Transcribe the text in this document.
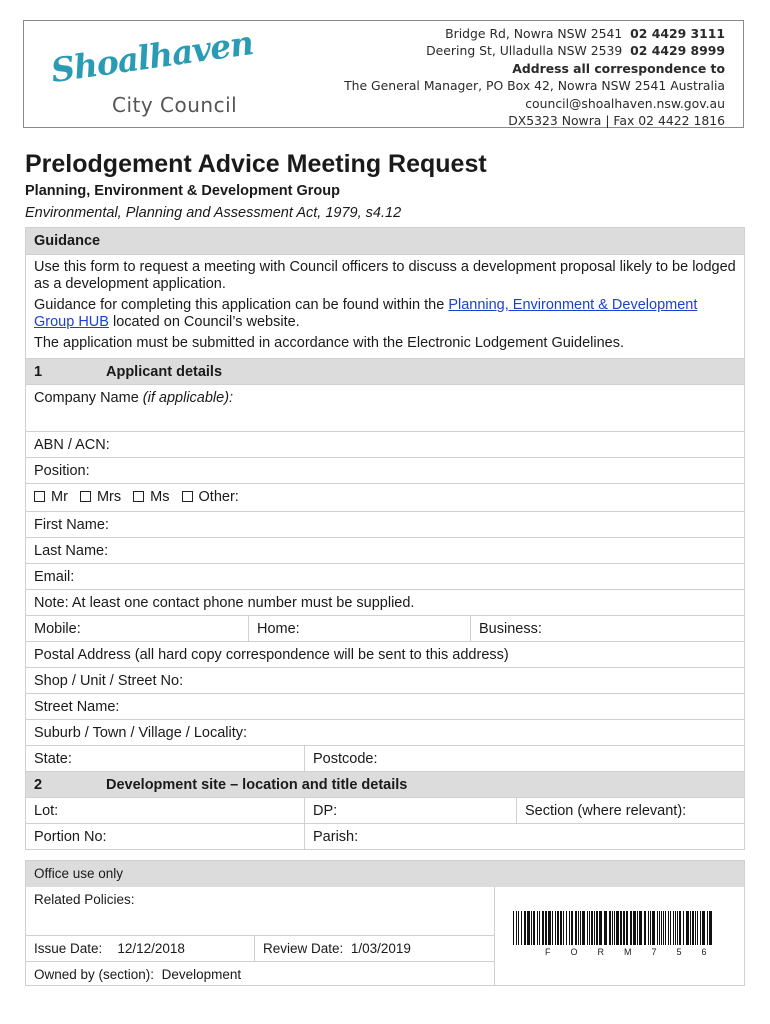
Shoalhaven
City Council
Bridge Rd, Nowra NSW 2541 02 4429 3111
Deering St, Ulladulla NSW 2539 02 4429 8999
Address all correspondence to
The General Manager, PO Box 42, Nowra NSW 2541 Australia
council@shoalhaven.nsw.gov.au
DX5323 Nowra | Fax 02 4422 1816
Prelodgement Advice Meeting Request
Planning, Environment & Development Group
Environmental, Planning and Assessment Act, 1979, s4.12
Guidance

Use this form to request a meeting with Council officers to discuss a development proposal likely to be lodged as a development application.

Guidance for completing this application can be found within the Planning, Environment & Development Group HUB located on Council’s website.

The application must be submitted in accordance with the Electronic Lodgement Guidelines.

1	Applicant details
Company Name (if applicable):
ABN / ACN:
Position:
Mr Mrs Ms Other:
First Name:
Last Name:
Email:
Note: At least one contact phone number must be supplied.
Mobile:	Home:	Business:
Postal Address (all hard copy correspondence will be sent to this address)
Shop / Unit / Street No:
Street Name:
Suburb / Town / Village / Locality:
State:	Postcode:
2	Development site – location and title details
Lot:	DP:	Section (where relevant):
Portion No:	Parish:
Office use only
Related Policies:
Issue Date: 12/12/2018	Review Date: 1/03/2019
Owned by (section): Development
FORM756
